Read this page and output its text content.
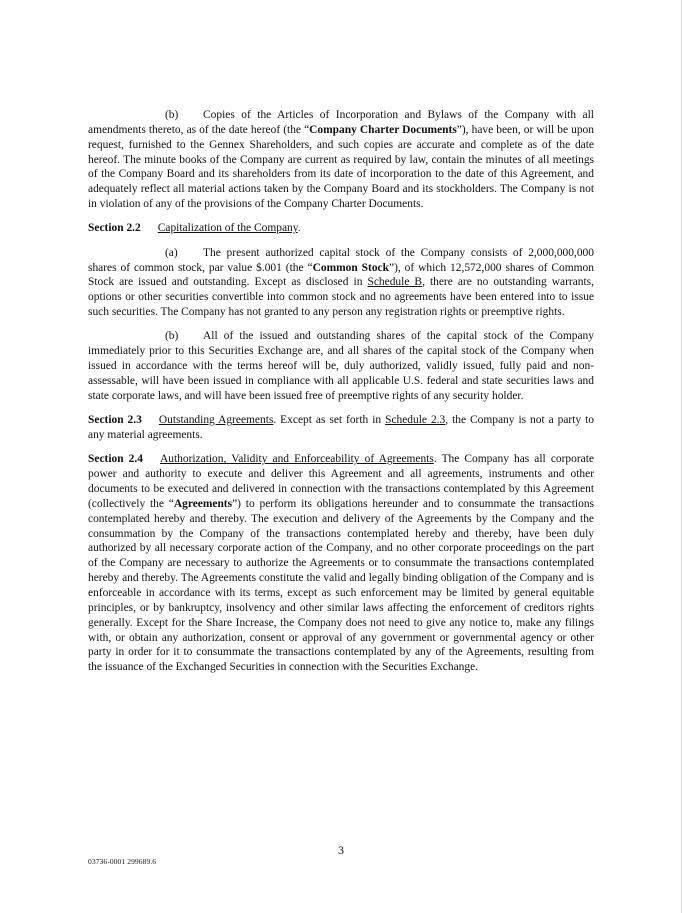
(b) Copies of the Articles of Incorporation and Bylaws of the Company with all amendments thereto, as of the date hereof (the “Company Charter Documents”), have been, or will be upon request, furnished to the Gennex Shareholders, and such copies are accurate and complete as of the date hereof. The minute books of the Company are current as required by law, contain the minutes of all meetings of the Company Board and its shareholders from its date of incorporation to the date of this Agreement, and adequately reflect all material actions taken by the Company Board and its stockholders. The Company is not in violation of any of the provisions of the Company Charter Documents.

Section 2.2 Capitalization of the Company.

(a) The present authorized capital stock of the Company consists of 2,000,000,000 shares of common stock, par value $.001 (the “Common Stock”), of which 12,572,000 shares of Common Stock are issued and outstanding. Except as disclosed in Schedule B, there are no outstanding warrants, options or other securities convertible into common stock and no agreements have been entered into to issue such securities. The Company has not granted to any person any registration rights or preemptive rights.

(b) All of the issued and outstanding shares of the capital stock of the Company immediately prior to this Securities Exchange are, and all shares of the capital stock of the Company when issued in accordance with the terms hereof will be, duly authorized, validly issued, fully paid and non-assessable, will have been issued in compliance with all applicable U.S. federal and state securities laws and state corporate laws, and will have been issued free of preemptive rights of any security holder.

Section 2.3 Outstanding Agreements. Except as set forth in Schedule 2.3, the Company is not a party to any material agreements.

Section 2.4 Authorization, Validity and Enforceability of Agreements. The Company has all corporate power and authority to execute and deliver this Agreement and all agreements, instruments and other documents to be executed and delivered in connection with the transactions contemplated by this Agreement (collectively the “Agreements”) to perform its obligations hereunder and to consummate the transactions contemplated hereby and thereby. The execution and delivery of the Agreements by the Company and the consummation by the Company of the transactions contemplated hereby and thereby, have been duly authorized by all necessary corporate action of the Company, and no other corporate proceedings on the part of the Company are necessary to authorize the Agreements or to consummate the transactions contemplated hereby and thereby. The Agreements constitute the valid and legally binding obligation of the Company and is enforceable in accordance with its terms, except as such enforcement may be limited by general equitable principles, or by bankruptcy, insolvency and other similar laws affecting the enforcement of creditors rights generally. Except for the Share Increase, the Company does not need to give any notice to, make any filings with, or obtain any authorization, consent or approval of any government or governmental agency or other party in order for it to consummate the transactions contemplated by any of the Agreements, resulting from the issuance of the Exchanged Securities in connection with the Securities Exchange.

3
03736-0001 299689.6
